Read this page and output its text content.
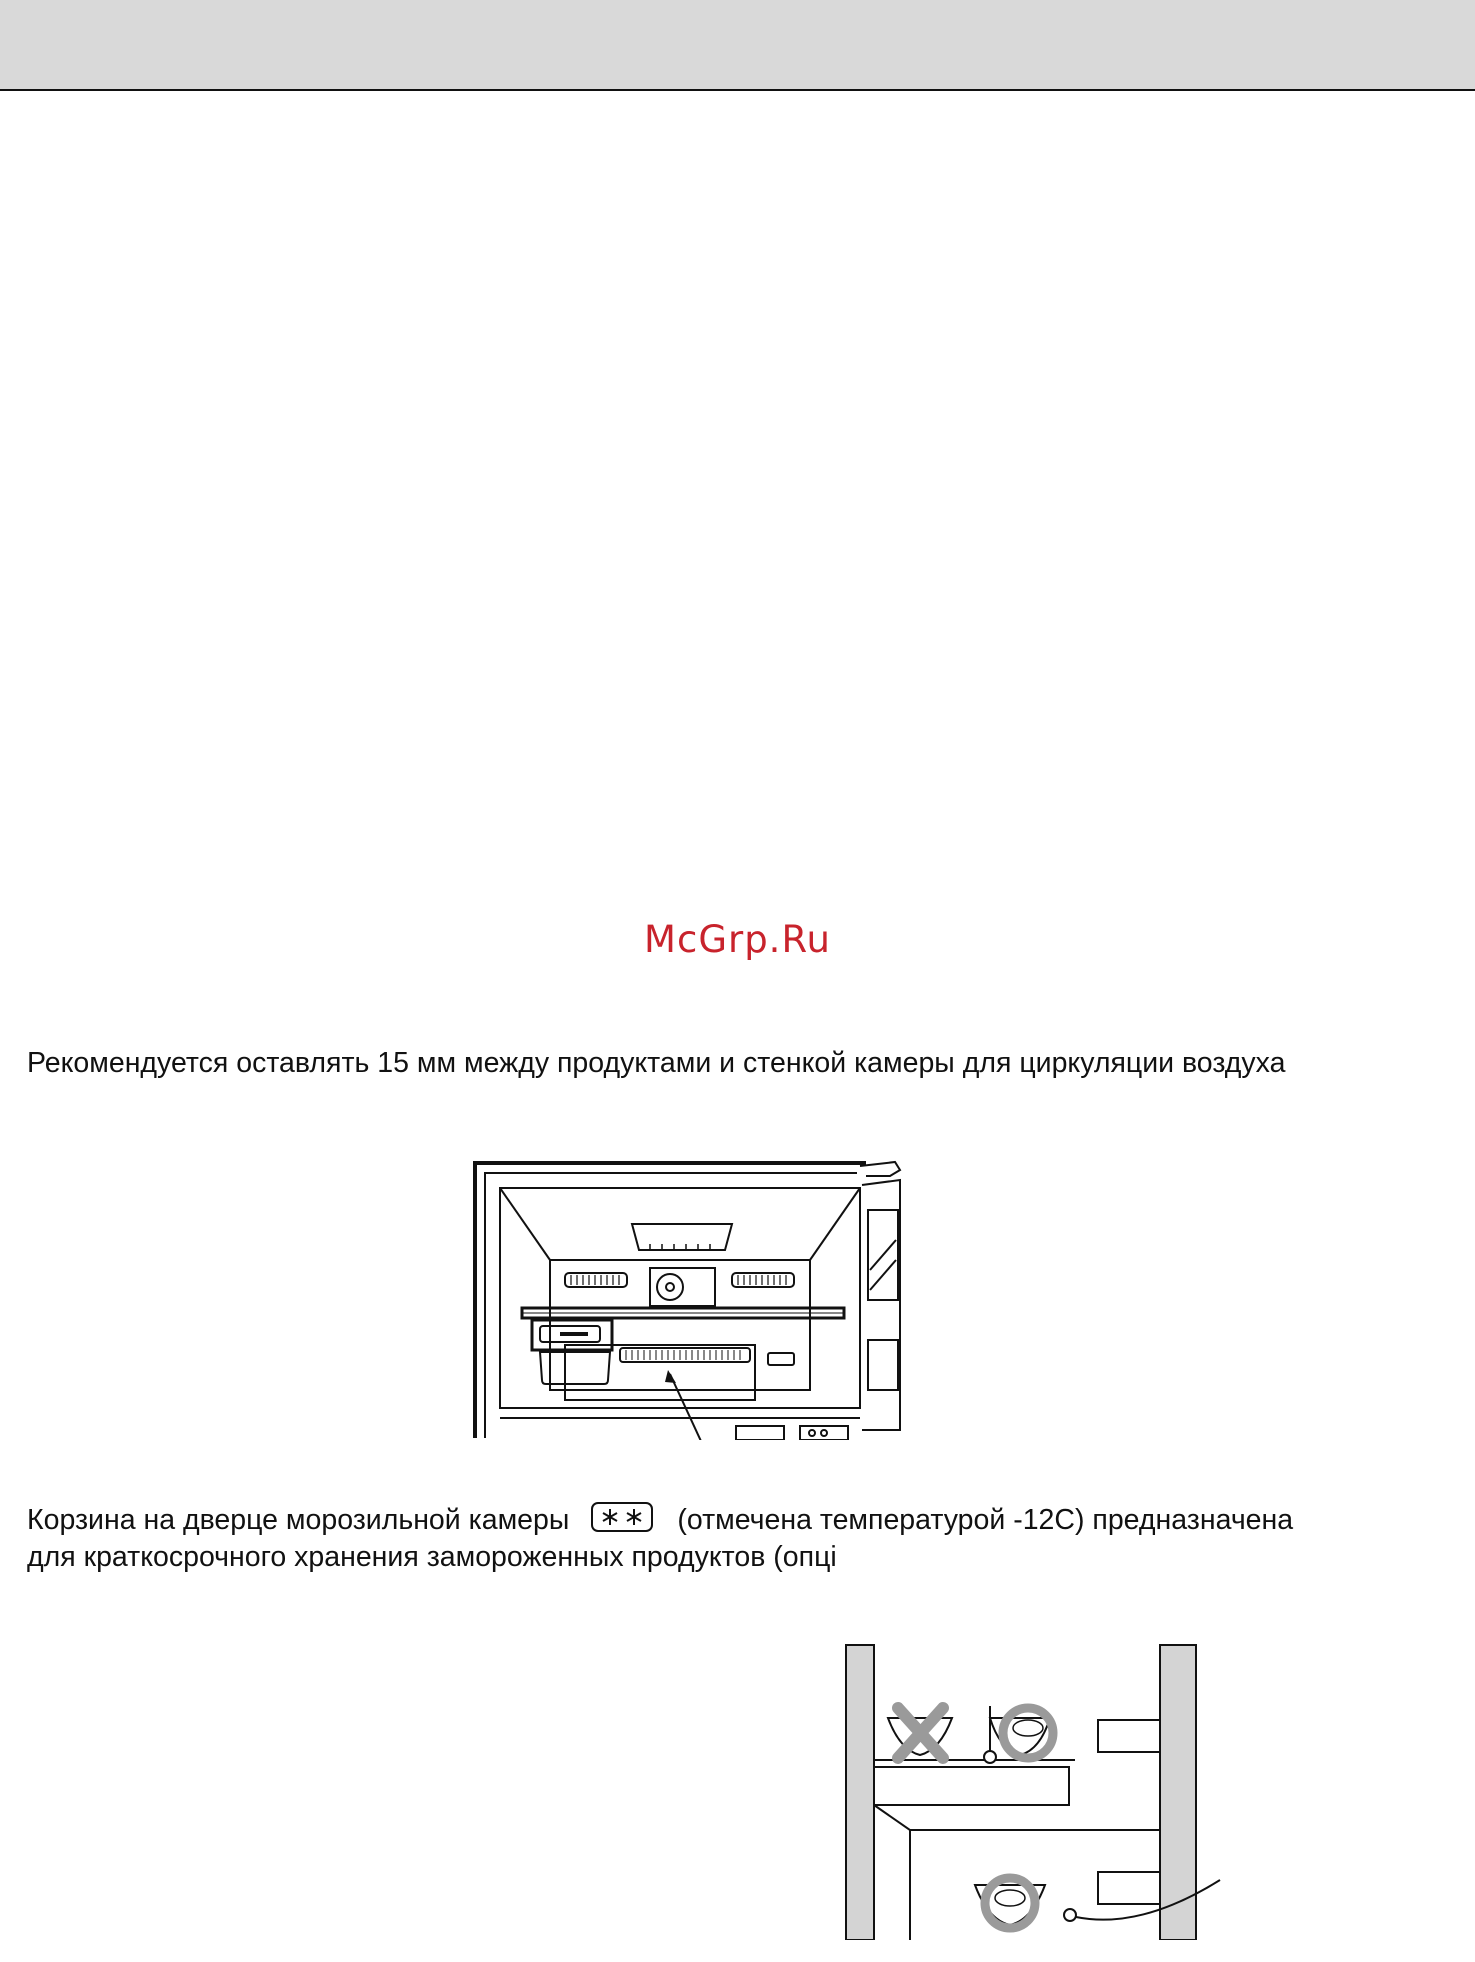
McGrp.Ru
Рекомендуется оставлять 15 мм между продуктами и стенкой камеры для циркуляции воздуха
Корзина на дверце морозильной камеры	(отмечена температурой -12С) предназначена
для краткосрочного хранения замороженных продуктов (опці
